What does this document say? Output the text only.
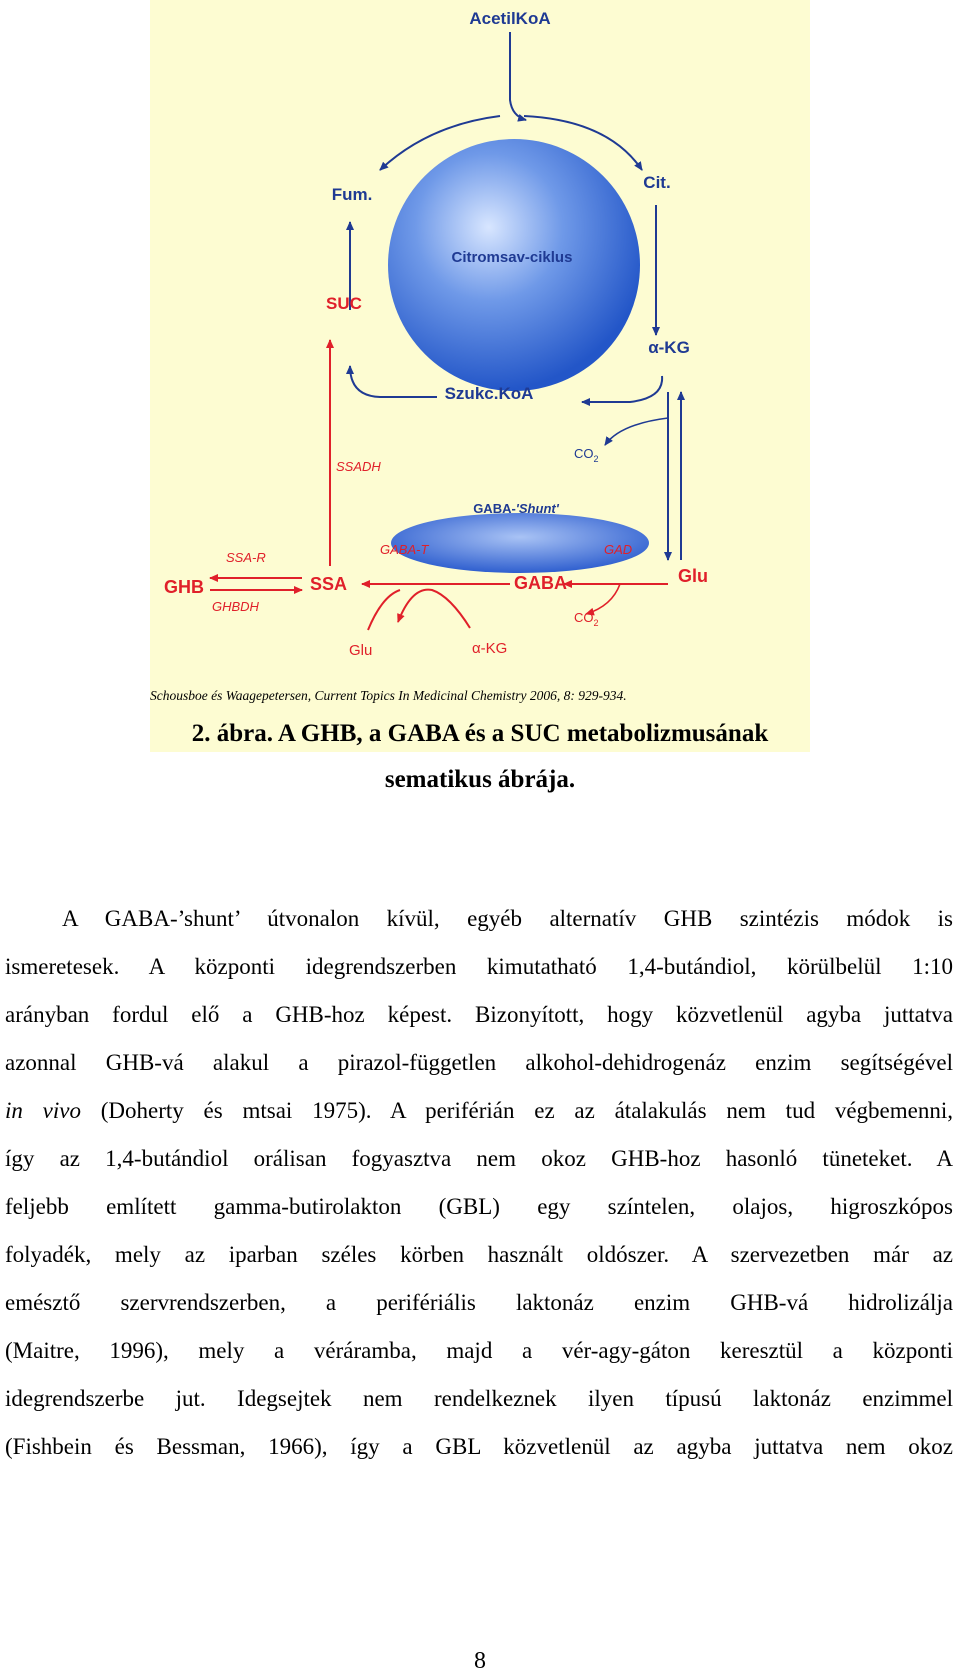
AcetilKoA
Fum.
Cit.
Citromsav-ciklus
SUC
α-KG
Szukc.KoA
$CO_2$
SSADH
GABA-'Shunt'
SSA-R
GABA-T	GAD
GHB	SSA	GABA	Glu
GHBDH
$CO_2$
Glu	α-KG
Schousboe és Waagepetersen, Current Topics In Medicinal Chemistry 2006, 8: 929-934.
2. ábra. A GHB, a GABA és a SUC metabolizmusának
sematikus ábrája.
A GABA-’shunt’ útvonalon kívül, egyéb alternatív GHB szintézis módok is
ismeretesek. A központi idegrendszerben kimutatható 1,4-butándiol, körülbelül 1:10
arányban fordul elő a GHB-hoz képest. Bizonyított, hogy közvetlenül agyba juttatva
azonnal GHB-vá alakul a pirazol-független alkohol-dehidrogenáz enzim segítségével
in vivo (Doherty és mtsai 1975). A periférián ez az átalakulás nem tud végbemenni,
így az 1,4-butándiol orálisan fogyasztva nem okoz GHB-hoz hasonló tüneteket. A
feljebb említett gamma-butirolakton (GBL) egy színtelen, olajos, higroszkópos
folyadék, mely az iparban széles körben használt oldószer. A szervezetben már az
emésztő szervrendszerben, a perifériális laktonáz enzim GHB-vá hidrolizálja
(Maitre, 1996), mely a véráramba, majd a vér-agy-gáton keresztül a központi
idegrendszerbe jut. Idegsejtek nem rendelkeznek ilyen típusú laktonáz enzimmel
(Fishbein és Bessman, 1966), így a GBL közvetlenül az agyba juttatva nem okoz
8
